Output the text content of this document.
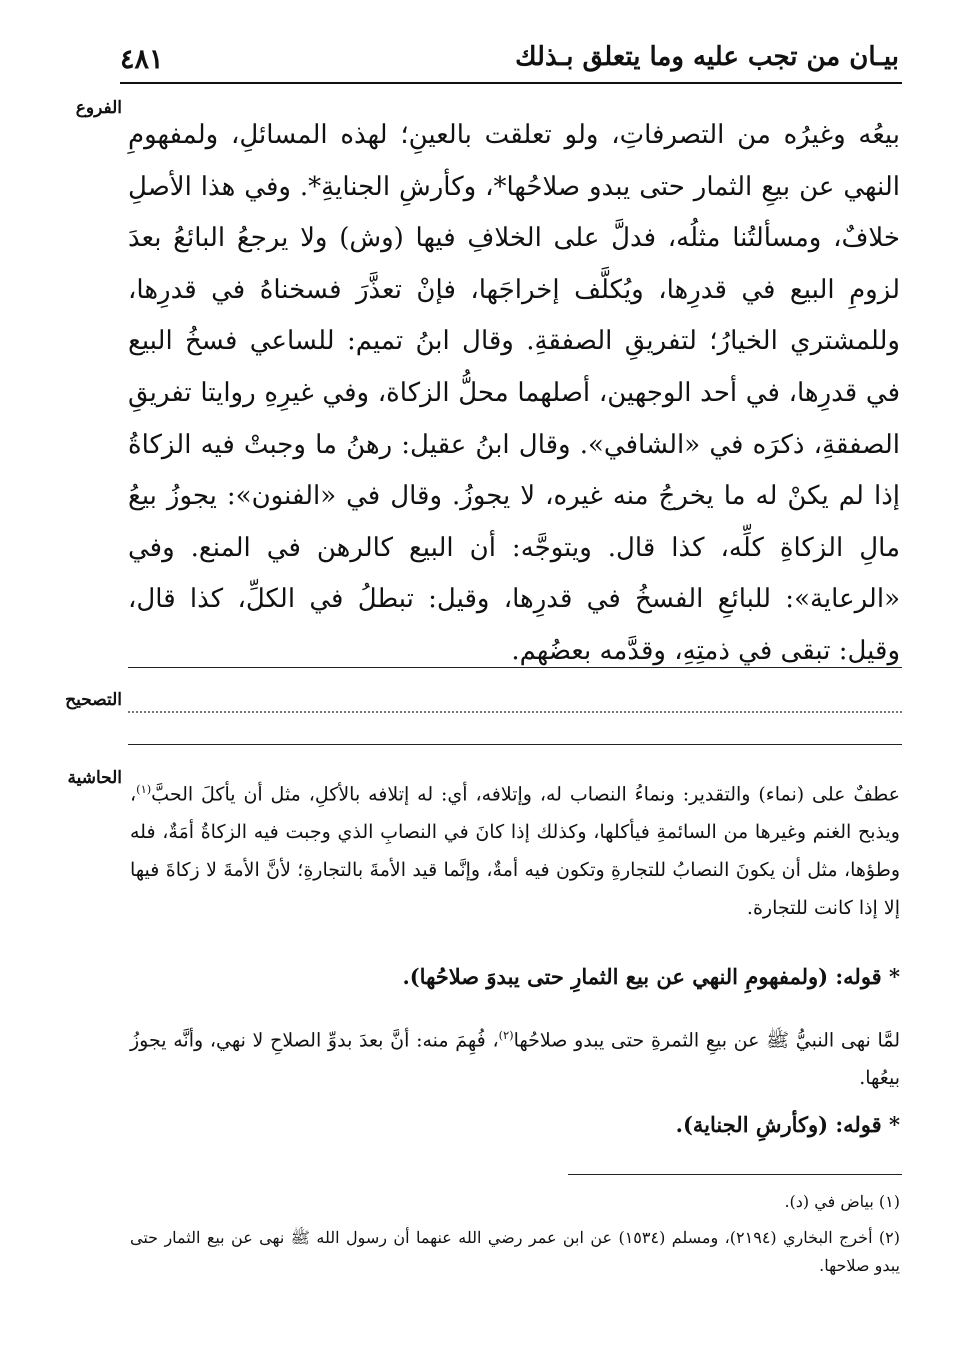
٤٨١	بيـان من تجب عليه وما يتعلق بـذلك
الفروع
التصحيح
الحاشية

بيعُه وغيرُه من التصرفاتِ، ولو تعلقت بالعينِ؛ لهذه المسائلِ، ولمفهومِ النهي عن بيعِ الثمار حتى يبدو صلاحُها*، وكأرشِ الجنايةِ*. وفي هذا الأصلِ خلافٌ، ومسألتُنا مثلُه، فدلَّ على الخلافِ فيها (وش) ولا يرجعُ البائعُ بعدَ لزومِ البيع في قدرِها، ويُكلَّف إخراجَها، فإنْ تعذَّرَ فسخناهُ في قدرِها، وللمشتري الخيارُ؛ لتفريقِ الصفقةِ. وقال ابنُ تميم: للساعي فسخُ البيع في قدرِها، في أحد الوجهين، أصلهما محلُّ الزكاة، وفي غيرِهِ روايتا تفريقِ الصفقةِ، ذكرَه في «الشافي». وقال ابنُ عقيل: رهنُ ما وجبتْ فيه الزكاةُ إذا لم يكنْ له ما يخرجُ منه غيره، لا يجوزُ. وقال في «الفنون»: يجوزُ بيعُ مالِ الزكاةِ كلِّه، كذا قال. ويتوجَّه: أن البيع كالرهن في المنع. وفي «الرعاية»: للبائعِ الفسخُ في قدرِها، وقيل: تبطلُ في الكلِّ، كذا قال، وقيل: تبقى في ذمتِهِ، وقدَّمه بعضُهم.

عطفٌ على (نماء) والتقدير: ونماءُ النصاب له، وإتلافه، أي: له إتلافه بالأكلِ، مثل أن يأكلَ الحبَّ$^{(١)}$، ويذبح الغنم وغيرها من السائمةِ فيأكلها، وكذلك إذا كانَ في النصابِ الذي وجبت فيه الزكاةُ أمَةٌ، فله وطؤها، مثل أن يكونَ النصابُ للتجارةِ وتكون فيه أمةٌ، وإنَّما قيد الأمةَ بالتجارةِ؛ لأنَّ الأمةَ لا زكاةَ فيها إلا إذا كانت للتجارة.

* قوله: (ولمفهومِ النهي عن بيع الثمارِ حتى يبدوَ صلاحُها).

لمَّا نهى النبيُّ ﷺ عن بيعِ الثمرةِ حتى يبدو صلاحُها$^{(٢)}$، فُهِمَ منه: أنَّ بعدَ بدوِّ الصلاحِ لا نهي، وأنَّه يجوزُ بيعُها.

* قوله: (وكأرشِ الجناية).

(١) بياض في (د).

(٢) أخرج البخاري (٢١٩٤)، ومسلم (١٥٣٤) عن ابن عمر رضي الله عنهما أن رسول الله ﷺ نهى عن بيع الثمار حتى يبدو صلاحها.
